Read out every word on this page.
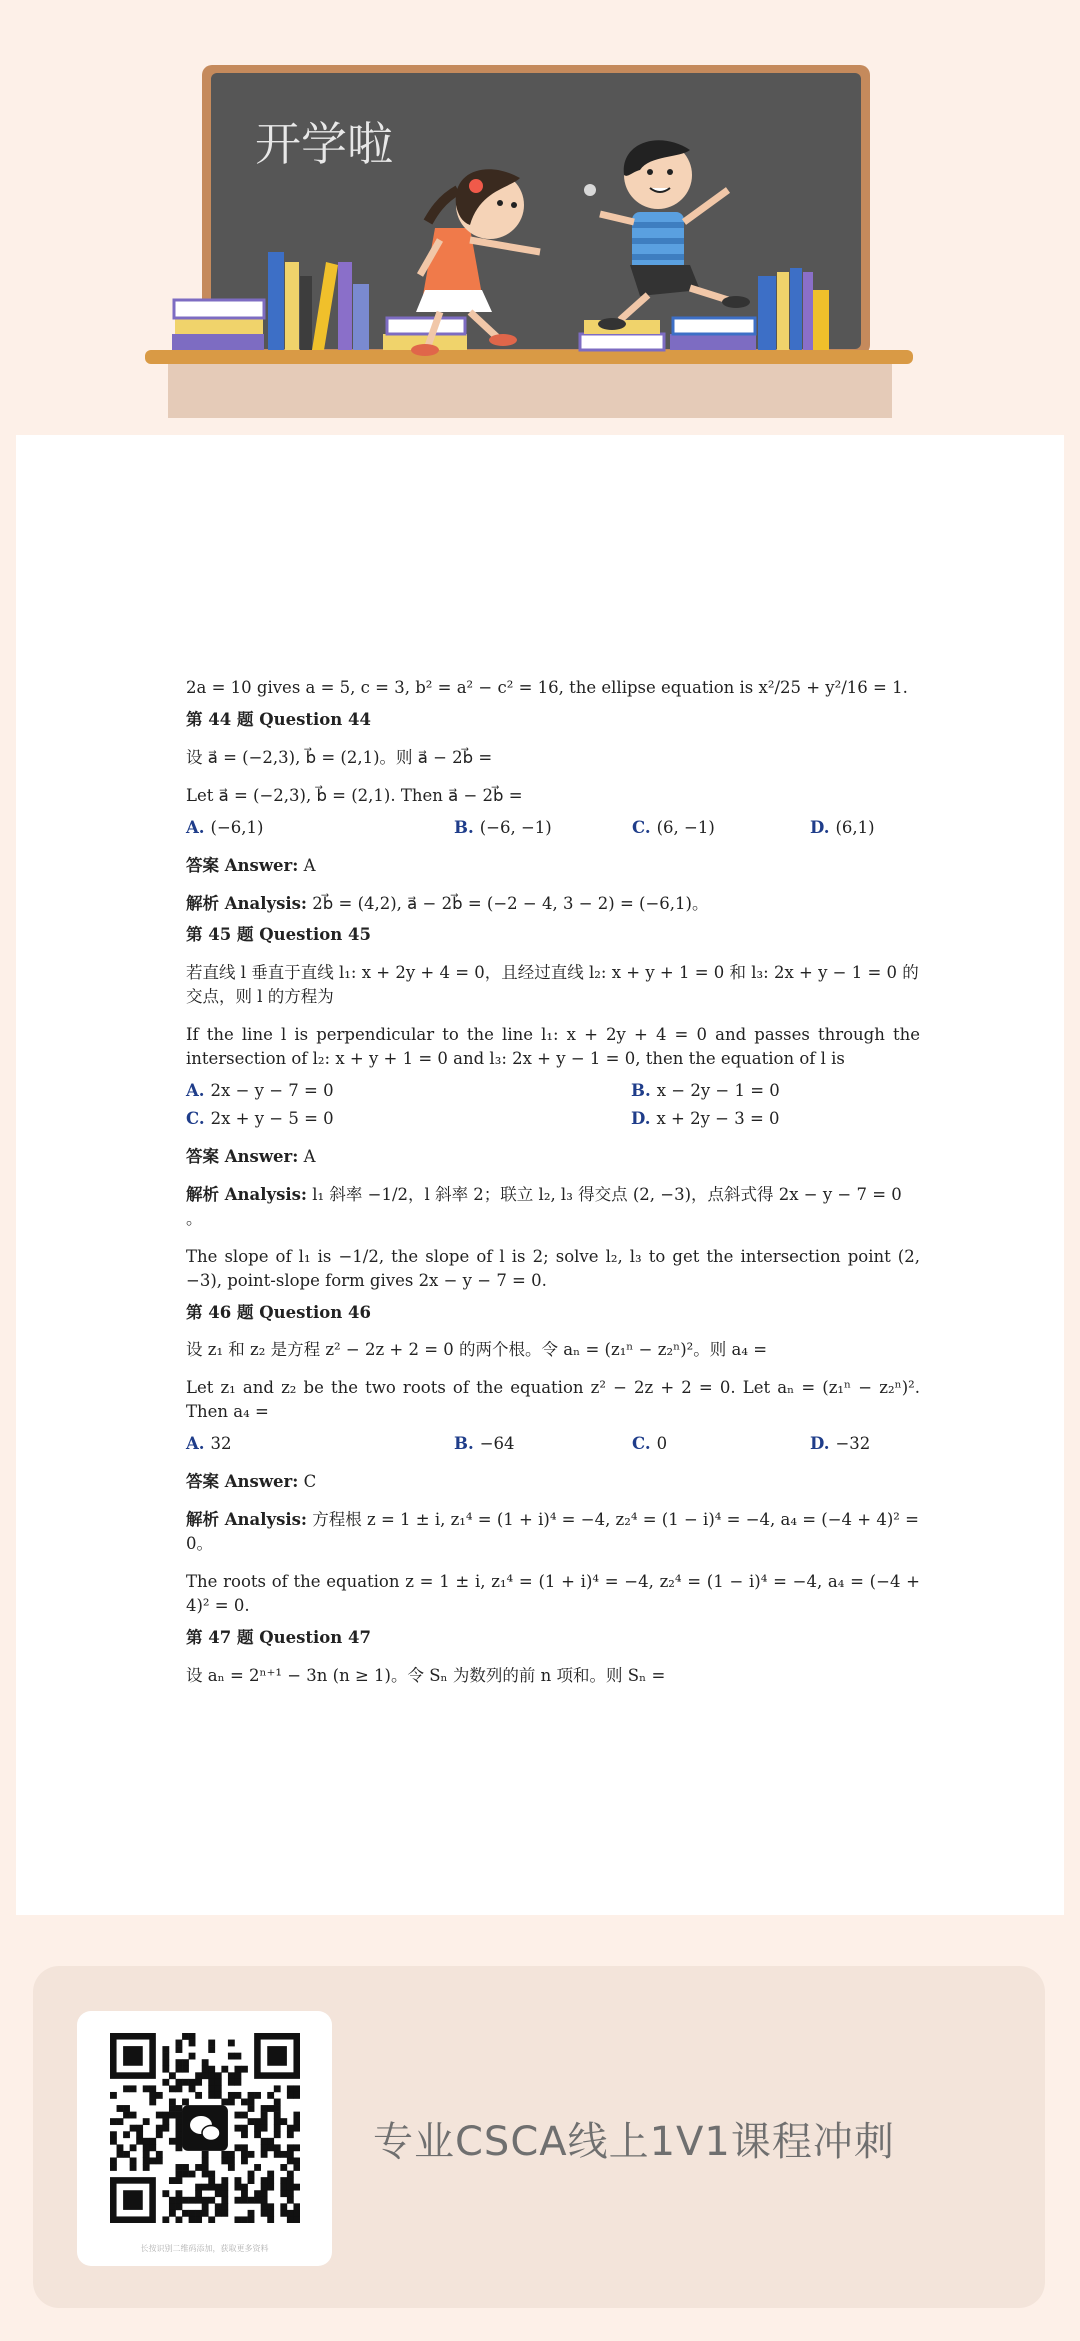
开学啦
2a = 10 gives a = 5, c = 3, b² = a² − c² = 16, the ellipse equation is x²/25 + y²/16 = 1.
第 44 题 Question 44
设 a⃗ = (−2,3), b⃗ = (2,1)。则 a⃗ − 2b⃗ =
Let a⃗ = (−2,3), b⃗ = (2,1). Then a⃗ − 2b⃗ =
A. (−6,1)	B. (−6, −1)	C. (6, −1)	D. (6,1)
答案 Answer: A
解析 Analysis: 2b⃗ = (4,2), a⃗ − 2b⃗ = (−2 − 4, 3 − 2) = (−6,1)。
第 45 题 Question 45
若直线 l 垂直于直线 l₁: x + 2y + 4 = 0，且经过直线 l₂: x + y + 1 = 0 和 l₃: 2x + y − 1 = 0 的交点，则 l 的方程为
If the line l is perpendicular to the line l₁: x + 2y + 4 = 0 and passes through the intersection of l₂: x + y + 1 = 0 and l₃: 2x + y − 1 = 0, then the equation of l is
A. 2x − y − 7 = 0	B. x − 2y − 1 = 0
C. 2x + y − 5 = 0	D. x + 2y − 3 = 0
答案 Answer: A
解析 Analysis: l₁ 斜率 −1/2，l 斜率 2；联立 l₂, l₃ 得交点 (2, −3)，点斜式得 2x − y − 7 = 0 。
The slope of l₁ is −1/2, the slope of l is 2; solve l₂, l₃ to get the intersection point (2, −3), point-slope form gives 2x − y − 7 = 0.
第 46 题 Question 46
设 z₁ 和 z₂ 是方程 z² − 2z + 2 = 0 的两个根。令 aₙ = (z₁ⁿ − z₂ⁿ)²。则 a₄ =
Let z₁ and z₂ be the two roots of the equation z² − 2z + 2 = 0. Let aₙ = (z₁ⁿ − z₂ⁿ)². Then a₄ =
A. 32	B. −64	C. 0	D. −32
答案 Answer: C
解析 Analysis: 方程根 z = 1 ± i, z₁⁴ = (1 + i)⁴ = −4, z₂⁴ = (1 − i)⁴ = −4, a₄ = (−4 + 4)² = 0。
The roots of the equation z = 1 ± i, z₁⁴ = (1 + i)⁴ = −4, z₂⁴ = (1 − i)⁴ = −4, a₄ = (−4 + 4)² = 0.
第 47 题 Question 47
设 aₙ = 2ⁿ⁺¹ − 3n (n ≥ 1)。令 Sₙ 为数列的前 n 项和。则 Sₙ =
长按识别二维码添加，获取更多资料
专业CSCA线上1V1课程冲刺
